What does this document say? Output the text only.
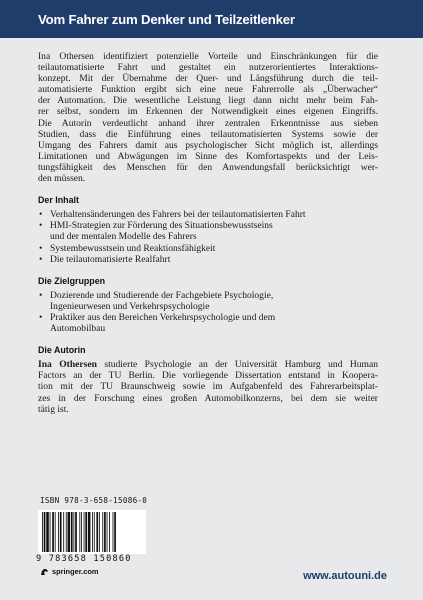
Vom Fahrer zum Denker und Teilzeitlenker

Ina Othersen identifiziert potenzielle Vorteile und Einschränkungen für die

teilautomatisierte Fahrt und gestaltet ein nutzerorientiertes Interaktions-

konzept. Mit der Übernahme der Quer- und Längsführung durch die teil-

automatisierte Funktion ergibt sich eine neue Fahrerrolle als „Überwacher“

der Automation. Die wesentliche Leistung liegt dann nicht mehr beim Fah-

rer selbst, sondern im Erkennen der Notwendigkeit eines eigenen Eingriffs.

Die Autorin verdeutlicht anhand ihrer zentralen Erkenntnisse aus sieben

Studien, dass die Einführung eines teilautomatisierten Systems sowie der

Umgang des Fahrers damit aus psychologischer Sicht möglich ist, allerdings

Limitationen und Abwägungen im Sinne des Komfortaspekts und der Leis-

tungsfähigkeit des Menschen für den Anwendungsfall berücksichtigt wer-

den müssen.

Der Inhalt
• Verhaltensänderungen des Fahrers bei der teilautomatisierten Fahrt
• HMI-Strategien zur Förderung des Situationsbewusstseins
und der mentalen Modelle des Fahrers
• Systembewusstsein und Reaktionsfähigkeit
• Die teilautomatisierte Realfahrt
Die Zielgruppen
• Dozierende und Studierende der Fachgebiete Psychologie,
Ingenieurwesen und Verkehrspsychologie
• Praktiker aus den Bereichen Verkehrspsychologie und dem
Automobilbau
Die Autorin

Ina Othersen studierte Psychologie an der Universität Hamburg und Human

Factors an der TU Berlin. Die vorliegende Dissertation entstand in Koopera-

tion mit der TU Braunschweig sowie im Aufgabenfeld des Fahrerarbeitsplat-

zes in der Forschung eines großen Automobilkonzerns, bei dem sie weiter

tätig ist.

ISBN 978-3-658-15086-0
9 783658 150860
springer.com	www.autouni.de
